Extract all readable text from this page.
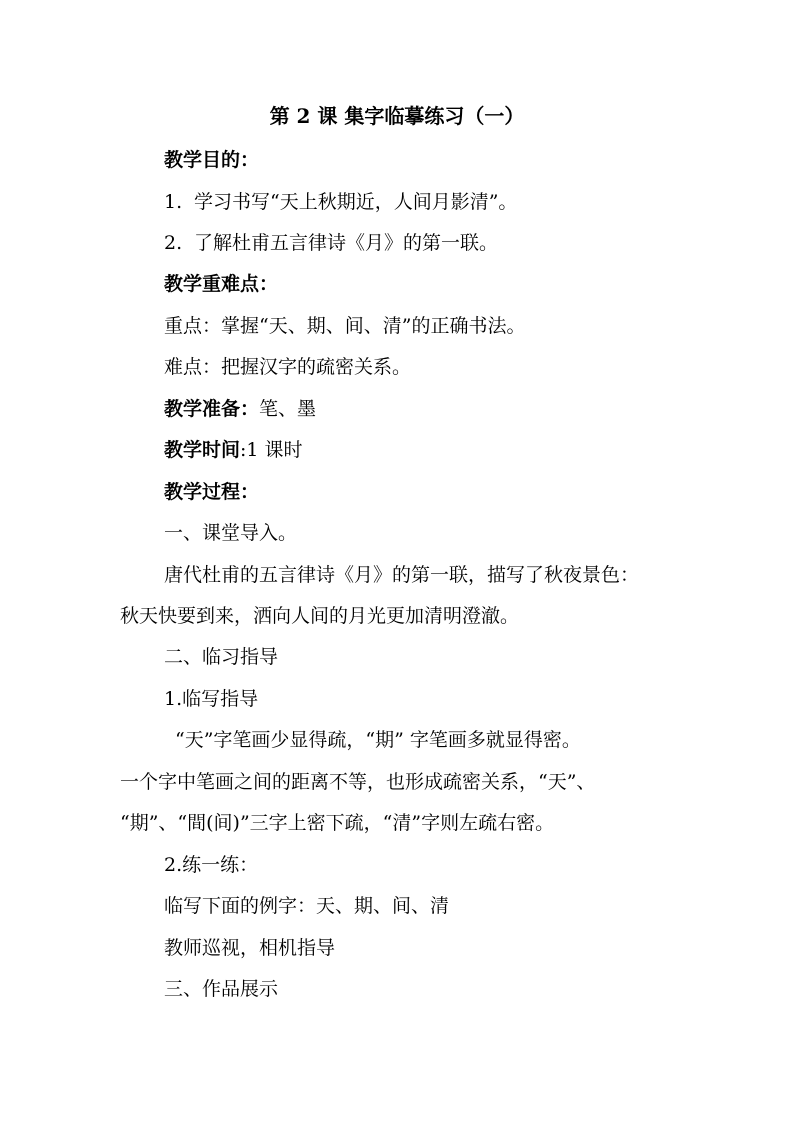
第 2 课 集字临摹练习（一）
教学目的：
1. 学习书写“天上秋期近，人间月影清”。
2. 了解杜甫五言律诗《月》的第一联。
教学重难点：
重点：掌握“天、期、间、清”的正确书法。
难点：把握汉字的疏密关系。
教学准备：笔、墨
教学时间:1 课时
教学过程：
一、课堂导入。
唐代杜甫的五言律诗《月》的第一联，描写了秋夜景色：
秋天快要到来，洒向人间的月光更加清明澄澈。
二、临习指导
1.临写指导
“天”字笔画少显得疏，“期” 字笔画多就显得密。
一个字中笔画之间的距离不等，也形成疏密关系，“天”、
“期”、“間(间)”三字上密下疏，“清”字则左疏右密。
2.练一练：
临写下面的例字：天、期、间、清
教师巡视，相机指导
三、作品展示
